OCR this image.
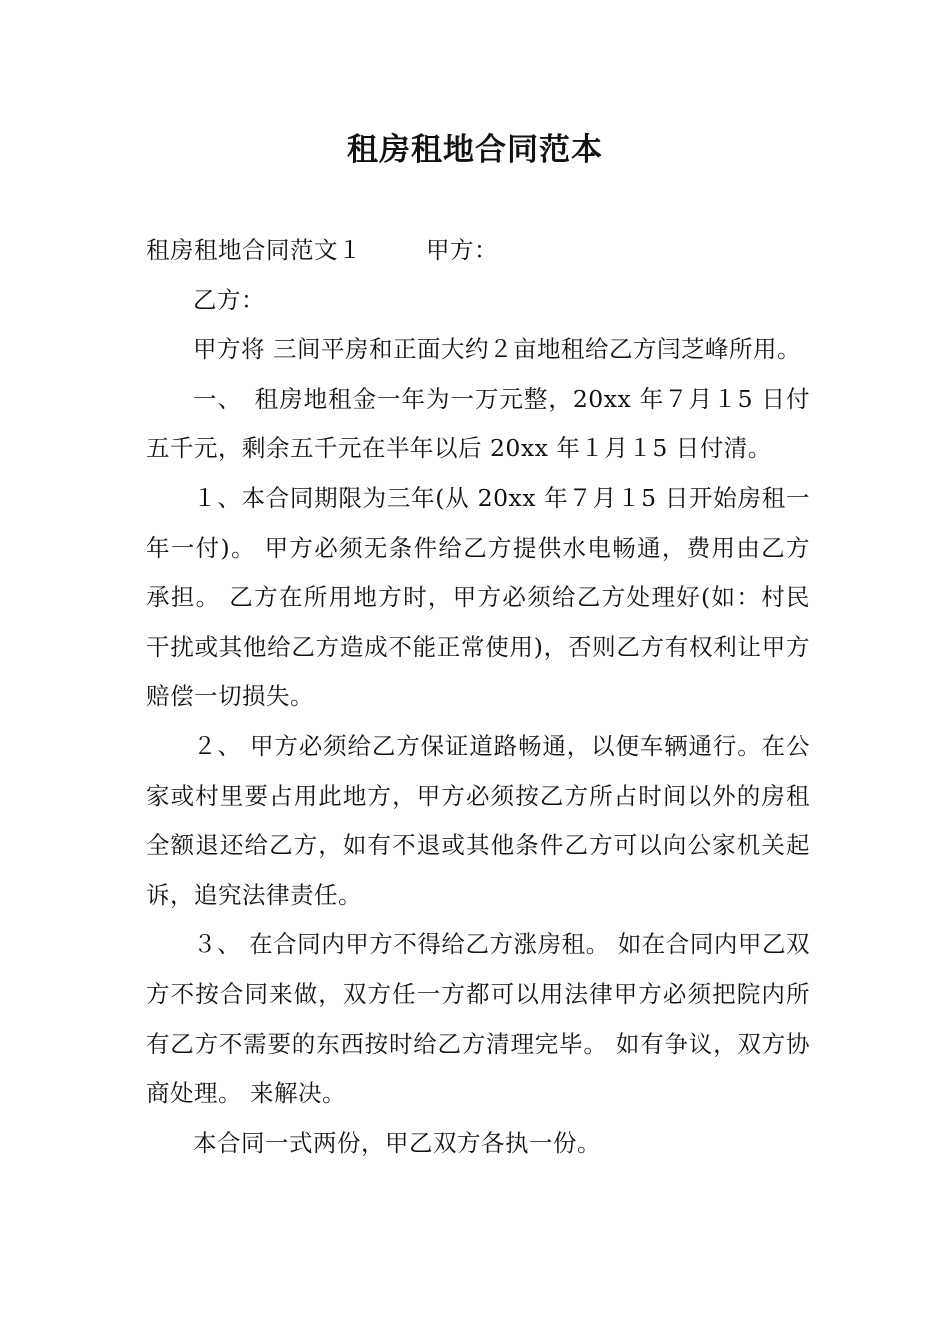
租房租地合同范本

租房租地合同范文１	甲方：

乙方：

甲方将 三间平房和正面大约２亩地租给乙方闫芝峰所用。

一、　租房地租金一年为一万元整，20xx 年７月１5 日付五千元，剩余五千元在半年以后 20xx 年１月１5 日付清。

１、本合同期限为三年(从 20xx 年７月１5 日开始房租一年一付)。 甲方必须无条件给乙方提供水电畅通，费用由乙方承担。 乙方在所用地方时，甲方必须给乙方处理好(如：村民干扰或其他给乙方造成不能正常使用)，否则乙方有权利让甲方赔偿一切损失。

２、 甲方必须给乙方保证道路畅通，以便车辆通行。在公家或村里要占用此地方，甲方必须按乙方所占时间以外的房租全额退还给乙方，如有不退或其他条件乙方可以向公家机关起诉，追究法律责任。

３、 在合同内甲方不得给乙方涨房租。 如在合同内甲乙双方不按合同来做，双方任一方都可以用法律甲方必须把院内所有乙方不需要的东西按时给乙方清理完毕。 如有争议，双方协商处理。 来解决。

本合同一式两份，甲乙双方各执一份。
